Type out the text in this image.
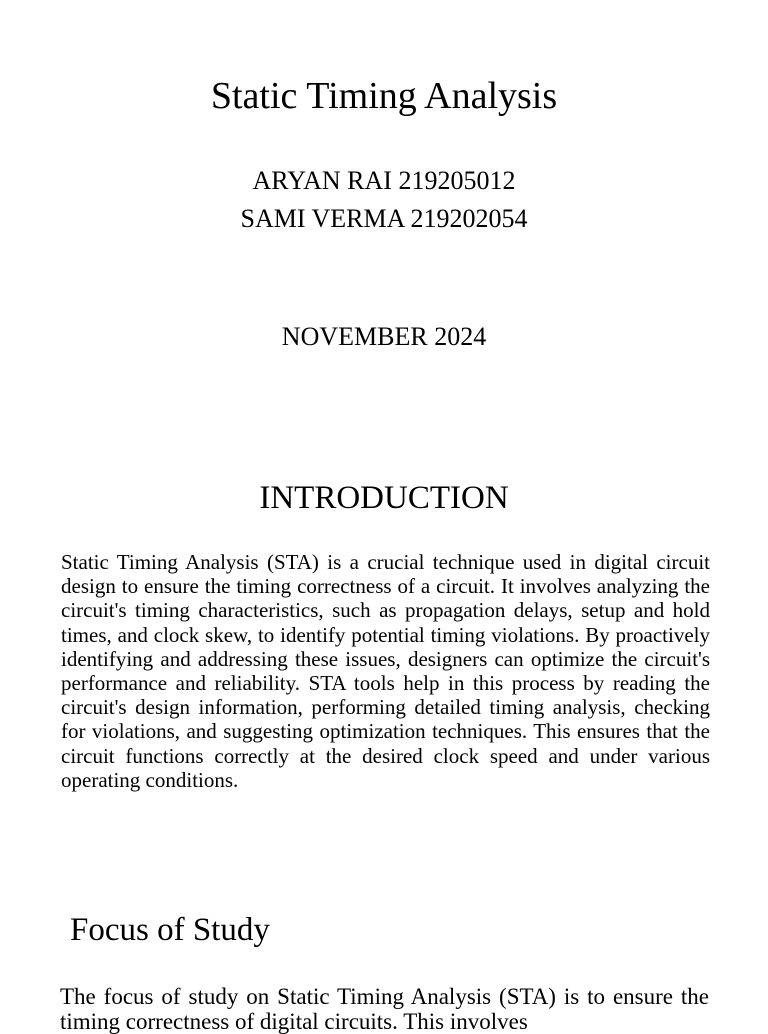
Static Timing Analysis
ARYAN RAI 219205012
SAMI VERMA 219202054
NOVEMBER 2024
INTRODUCTION

Static Timing Analysis (STA) is a crucial technique used in digital circuit design to ensure the timing correctness of a circuit. It involves analyzing the circuit's timing characteristics, such as propagation delays, setup and hold times, and clock skew, to identify potential timing violations. By proactively identifying and addressing these issues, designers can optimize the circuit's performance and reliability. STA tools help in this process by reading the circuit's design information, performing detailed timing analysis, checking for violations, and suggesting optimization techniques. This ensures that the circuit functions correctly at the desired clock speed and under various operating conditions.

Focus of Study

The focus of study on Static Timing Analysis (STA) is to ensure the timing correctness of digital circuits. This involves
